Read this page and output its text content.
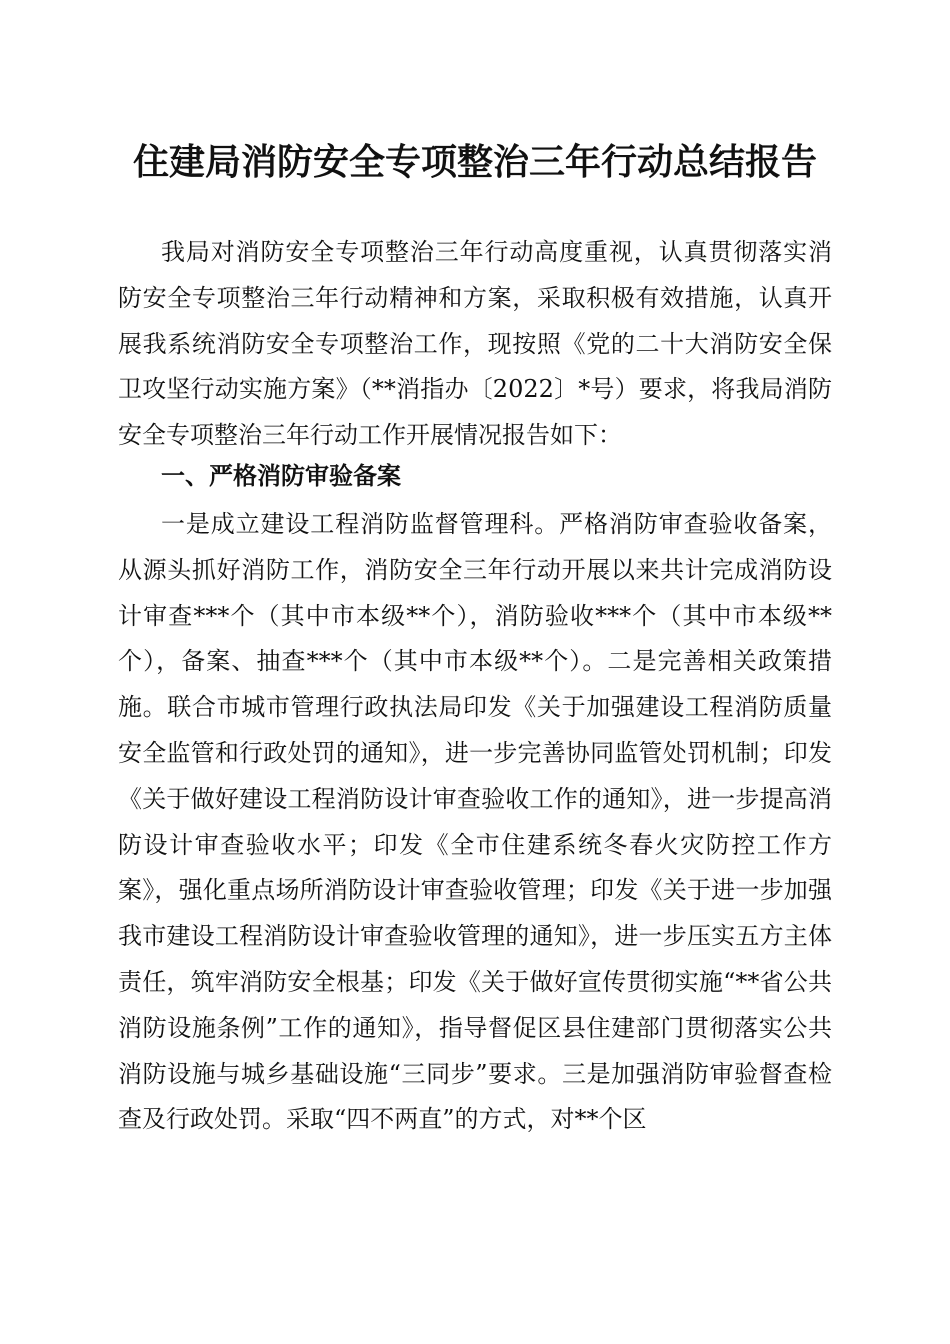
住建局消防安全专项整治三年行动总结报告

我局对消防安全专项整治三年行动高度重视，认真贯彻落实消防安全专项整治三年行动精神和方案，采取积极有效措施，认真开展我系统消防安全专项整治工作，现按照《党的二十大消防安全保卫攻坚行动实施方案》（**消指办〔2022〕*号）要求，将我局消防安全专项整治三年行动工作开展情况报告如下：

一、严格消防审验备案

一是成立建设工程消防监督管理科。严格消防审查验收备案，从源头抓好消防工作，消防安全三年行动开展以来共计完成消防设计审查***个（其中市本级**个），消防验收***个（其中市本级**个），备案、抽查***个（其中市本级**个）。二是完善相关政策措施。联合市城市管理行政执法局印发《关于加强建设工程消防质量安全监管和行政处罚的通知》，进一步完善协同监管处罚机制；印发《关于做好建设工程消防设计审查验收工作的通知》，进一步提高消防设计审查验收水平；印发《全市住建系统冬春火灾防控工作方案》，强化重点场所消防设计审查验收管理；印发《关于进一步加强我市建设工程消防设计审查验收管理的通知》，进一步压实五方主体责任，筑牢消防安全根基；印发《关于做好宣传贯彻实施“**省公共消防设施条例”工作的通知》，指导督促区县住建部门贯彻落实公共消防设施与城乡基础设施“三同步”要求。三是加强消防审验督查检查及行政处罚。采取“四不两直”的方式，对**个区
